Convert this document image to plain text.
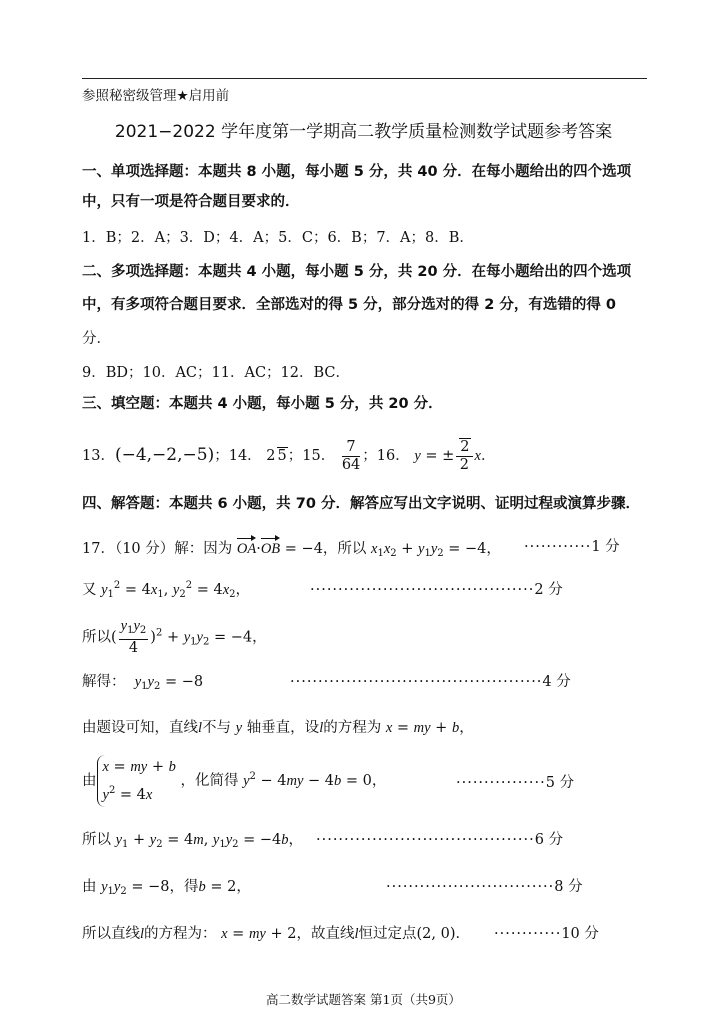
参照秘密级管理★启用前
2021−2022 学年度第一学期高二教学质量检测数学试题参考答案
一、单项选择题：本题共 8 小题，每小题 5 分，共 40 分．在每小题给出的四个选项
中，只有一项是符合题目要求的．
1．B；2．A；3．D；4．A；5．C；6．B；7．A；8．B．
二、多项选择题：本题共 4 小题，每小题 5 分，共 20 分．在每小题给出的四个选项
中，有多项符合题目要求．全部选对的得 5 分，部分选对的得 2 分，有选错的得 0
分．
9．BD；10．AC；11．AC；12．BC．
三、填空题：本题共 4 小题，每小题 5 分，共 20 分．
13．(−4,−2,−5)；14． 2 5；15． $\frac{7}{64}$ ；16． y = ± $\frac{2}{2}$ x．
四、解答题：本题共 6 小题，共 70 分．解答应写出文字说明、证明过程或演算步骤．
17．（10 分）解：因为 OA·OB = −4，所以 $x_1x_2 + y_1y_2 = -4$， ············1 分
又 $y_1^2 = 4x_1$, $y_2^2 = 4x_2$，	········································2 分
所以( $\frac{y_1y_2}{4} )^2 + y_1y_2 = -4$，
解得： $y_1y_2 = -8$	·············································4 分
由题设可知，直线l不与 y 轴垂直，设l的方程为 x = my + b，
由x = my + b
$y^2 = 4x$ ，化简得 $y^2 - 4my - 4b = 0$，	················5 分
所以 $y_1 + y_2 = 4m$, $y_1y_2 = -4b$， ·······································6 分
由 $y_1y_2 = -8$，得b = 2，	······························8 分
所以直线l的方程为： x = my + 2，故直线l恒过定点(2, 0)． ············10 分
高二数学试题答案 第1页（共9页）
